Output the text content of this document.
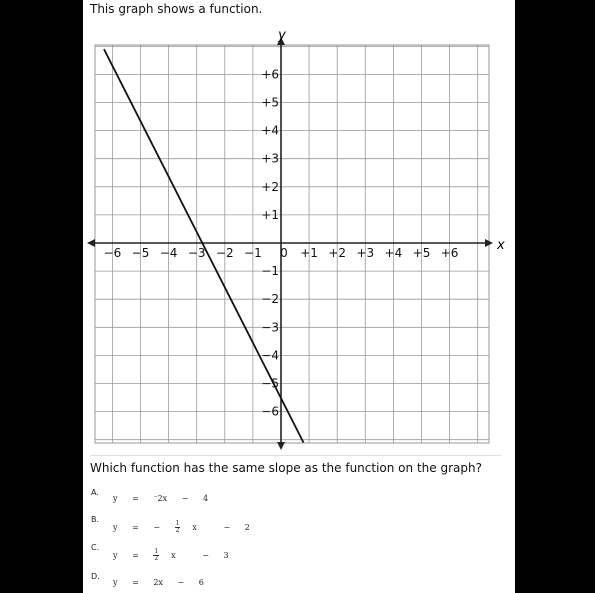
This graph shows a function.
x
y
−6 −5 −4 −3 −2 −1 0 +1 +2 +3 +4 +5 +6
+6
+5
+4
+3
+2
+1
−1
−2
−3
−4
−5
−6
Which function has the same slope as the function on the graph?
A.
y = ⁻2x − 4
B.
y = − $\frac{1}{2}$ x	− 2
C.
$y = \frac{1}{2}$ x	− 3
D.
y = 2x − 6
